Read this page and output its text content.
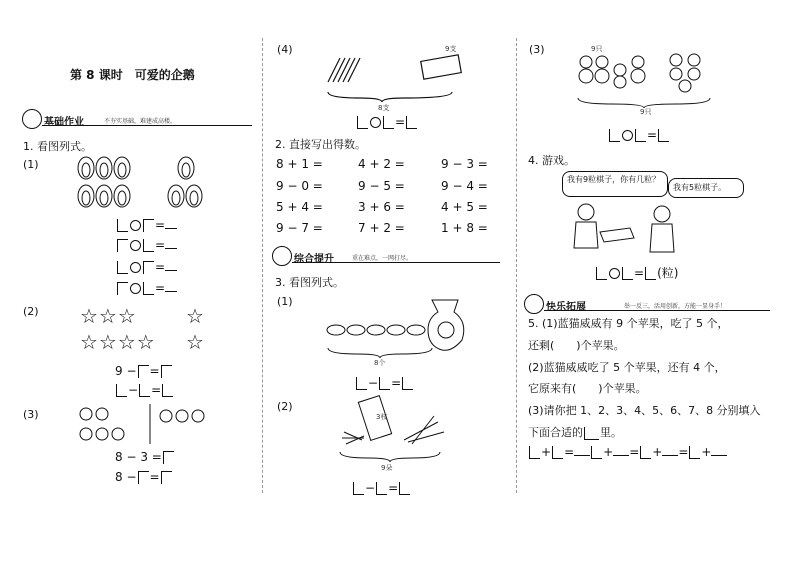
第 8 课时　可爱的企鹅
基础作业	不夯实基础，难建成高楼。
1. 看图列式。
(1)
=
=
=
=
(2) ☆☆☆ ☆
☆☆☆☆ ☆
9 − =
− =
(3)
8 − 3 =
8 − =
(4)	9支
8支
=
2. 直接写出得数。
8 + 1 =	4 + 2 =	9 − 3 =
9 − 0 =	9 − 5 =	9 − 4 =
5 + 4 =	3 + 6 =	4 + 5 =
9 − 7 =	7 + 2 =	1 + 8 =
综合提升	重在难点，一网打尽。
3. 看图列式。
(1)
8个
− =
(2)
3枝
9朵
− =
(3)	9只
9只
=
4. 游戏。
我有9粒棋子，你有几粒？
我有5粒棋子。
= (粒)
快乐拓展	举一反三，活用创新，方能一显身手！
5. (1)蓝猫威威有 9 个苹果，吃了 5 个，
还剩(　　)个苹果。
(2)蓝猫威威吃了 5 个苹果，还有 4 个，
它原来有(　　)个苹果。
(3)请你把 1、2、3、4、5、6、7、8 分别填入
下面合适的 里。
+ = + = + = +
